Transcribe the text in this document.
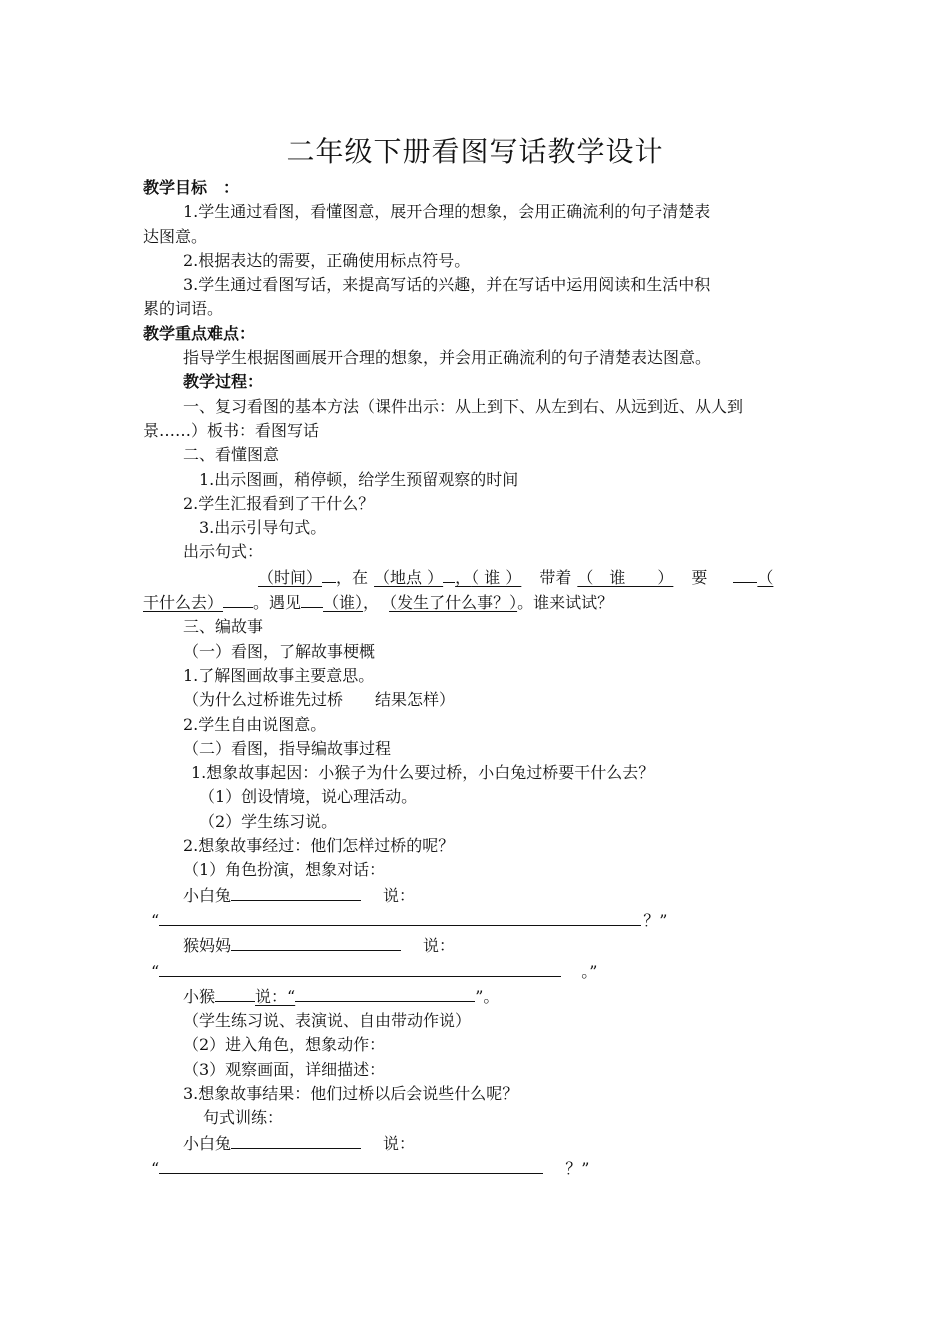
二年级下册看图写话教学设计
教学目标　：
1.学生通过看图，看懂图意，展开合理的想象，会用正确流利的句子清楚表
达图意。
2.根据表达的需要，正确使用标点符号。
3.学生通过看图写话，来提高写话的兴趣，并在写话中运用阅读和生活中积
累的词语。
教学重点难点：
指导学生根据图画展开合理的想象，并会用正确流利的句子清楚表达图意。
教学过程：
一、复习看图的基本方法（课件出示：从上到下、从左到右、从远到近、从人到
景……）板书：看图写话
二、看懂图意
1.出示图画，稍停顿，给学生预留观察的时间
2.学生汇报看到了干什么？
3.出示引导句式。
出示句式：
（时间） ，在 （地点 ） ，（ 谁 ） 带着 （　谁　　） 要	（
干什么去） 。遇见 （谁）， （发生了什么事？）。谁来试试？
三、编故事
（一）看图，了解故事梗概
1.了解图画故事主要意思。
（为什么过桥谁先过桥　　结果怎样）
2.学生自由说图意。
（二）看图，指导编故事过程
1.想象故事起因：小猴子为什么要过桥，小白兔过桥要干什么去？
（1）创设情境，说心理活动。
（2）学生练习说。
2.想象故事经过：他们怎样过桥的呢？
（1）角色扮演，想象对话：
小白兔	说：
“	？”
猴妈妈	说：
“	。”
小猴	说：“	”。
（学生练习说、表演说、自由带动作说）
（2）进入角色，想象动作：
（3）观察画面，详细描述：
3.想象故事结果：他们过桥以后会说些什么呢？
句式训练：
小白兔	说：
“	？”
